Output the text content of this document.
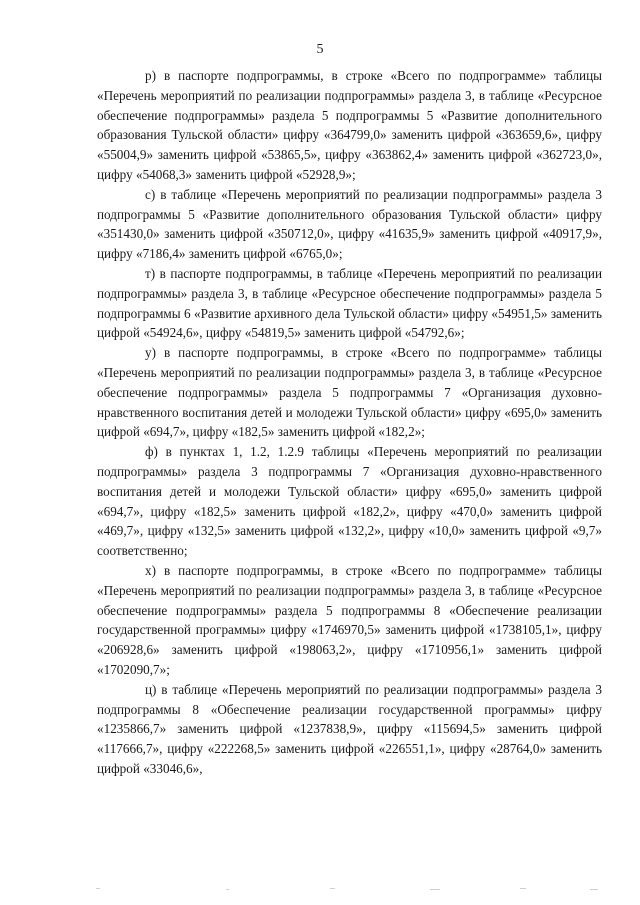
5

р) в паспорте подпрограммы, в строке «Всего по подпрограмме» таблицы «Перечень мероприятий по реализации подпрограммы» раздела 3, в таблице «Ресурсное обеспечение подпрограммы» раздела 5 подпрограммы 5 «Развитие дополнительного образования Тульской области» цифру «364799,0» заменить цифрой «363659,6», цифру «55004,9» заменить цифрой «53865,5», цифру «363862,4» заменить цифрой «362723,0», цифру «54068,3» заменить цифрой «52928,9»;

с) в таблице «Перечень мероприятий по реализации подпрограммы» раздела 3 подпрограммы 5 «Развитие дополнительного образования Тульской области» цифру «351430,0» заменить цифрой «350712,0», цифру «41635,9» заменить цифрой «40917,9», цифру «7186,4» заменить цифрой «6765,0»;

т) в паспорте подпрограммы, в таблице «Перечень мероприятий по реализации подпрограммы» раздела 3, в таблице «Ресурсное обеспечение подпрограммы» раздела 5 подпрограммы 6 «Развитие архивного дела Тульской области» цифру «54951,5» заменить цифрой «54924,6», цифру «54819,5» заменить цифрой «54792,6»;

у) в паспорте подпрограммы, в строке «Всего по подпрограмме» таблицы «Перечень мероприятий по реализации подпрограммы» раздела 3, в таблице «Ресурсное обеспечение подпрограммы» раздела 5 подпрограммы 7 «Организация духовно-нравственного воспитания детей и молодежи Тульской области» цифру «695,0» заменить цифрой «694,7», цифру «182,5» заменить цифрой «182,2»;

ф) в пунктах 1, 1.2, 1.2.9 таблицы «Перечень мероприятий по реализации подпрограммы» раздела 3 подпрограммы 7 «Организация духовно-нравственного воспитания детей и молодежи Тульской области» цифру «695,0» заменить цифрой «694,7», цифру «182,5» заменить цифрой «182,2», цифру «470,0» заменить цифрой «469,7», цифру «132,5» заменить цифрой «132,2», цифру «10,0» заменить цифрой «9,7» соответственно;

х) в паспорте подпрограммы, в строке «Всего по подпрограмме» таблицы «Перечень мероприятий по реализации подпрограммы» раздела 3, в таблице «Ресурсное обеспечение подпрограммы» раздела 5 подпрограммы 8 «Обеспечение реализации государственной программы» цифру «1746970,5» заменить цифрой «1738105,1», цифру «206928,6» заменить цифрой «198063,2», цифру «1710956,1» заменить цифрой «1702090,7»;

ц) в таблице «Перечень мероприятий по реализации подпрограммы» раздела 3 подпрограммы 8 «Обеспечение реализации государственной программы» цифру «1235866,7» заменить цифрой «1237838,9», цифру «115694,5» заменить цифрой «117666,7», цифру «222268,5» заменить цифрой «226551,1», цифру «28764,0» заменить цифрой «33046,6»,
